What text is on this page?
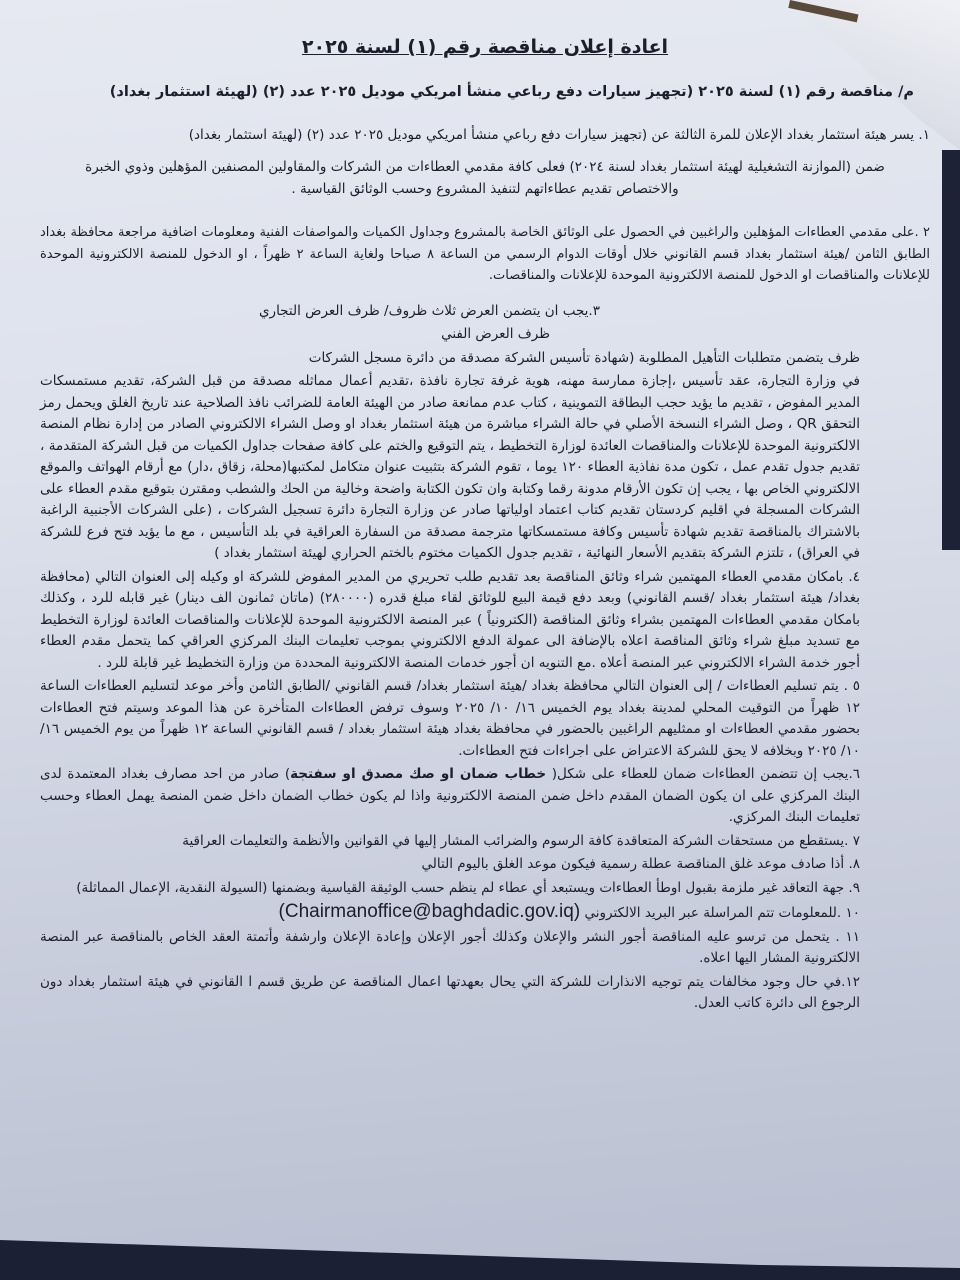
اعادة إعلان مناقصة رقم (١) لسنة ٢٠٢٥
م/ مناقصة رقم (١) لسنة ٢٠٢٥ (تجهيز سيارات دفع رباعي منشأ امريكي موديل ٢٠٢٥ عدد (٢) (لهيئة استثمار بغداد)
١. يسر هيئة استثمار بغداد الإعلان للمرة الثالثة عن (تجهيز سيارات دفع رباعي منشأ امريكي موديل ٢٠٢٥ عدد (٢) (لهيئة استثمار بغداد)
ضمن (الموازنة التشغيلية لهيئة استثمار بغداد لسنة ٢٠٢٤) فعلى كافة مقدمي العطاءات من الشركات والمقاولين المصنفين المؤهلين وذوي الخبرة والاختصاص تقديم عطاءاتهم لتنفيذ المشروع وحسب الوثائق القياسية .
٢ .على مقدمي العطاءات المؤهلين والراغبين في الحصول على الوثائق الخاصة بالمشروع وجداول الكميات والمواصفات الفنية ومعلومات اضافية مراجعة محافظة بغداد الطابق الثامن /هيئة استثمار بغداد قسم القانوني خلال أوقات الدوام الرسمي من الساعة ٨ صباحا ولغاية الساعة ٢ ظهراً ، او الدخول للمنصة الالكترونية الموحدة للإعلانات والمناقصات او الدخول للمنصة الالكترونية الموحدة للإعلانات والمناقصات.
٣.يجب ان يتضمن العرض ثلاث ظروف/ ظرف العرض التجاري
ظرف العرض الفني
ظرف يتضمن متطلبات التأهيل المطلوبة (شهادة تأسيس الشركة مصدقة من دائرة مسجل الشركات
في وزارة التجارة، عقد تأسيس ،إجازة ممارسة مهنه، هوية غرفة تجارة نافذة ،تقديم أعمال مماثله مصدقة من قبل الشركة، تقديم مستمسكات المدير المفوض ، تقديم ما يؤيد حجب البطاقة التموينية ، كتاب عدم ممانعة صادر من الهيئة العامة للضرائب نافذ الصلاحية عند تاريخ الغلق ويحمل رمز التحقق QR ، وصل الشراء النسخة الأصلي في حالة الشراء مباشرة من هيئة استثمار بغداد او وصل الشراء الالكتروني الصادر من إدارة نظام المنصة الالكترونية الموحدة للإعلانات والمناقصات العائدة لوزارة التخطيط ، يتم التوقيع والختم على كافة صفحات جداول الكميات من قبل الشركة المتقدمة ، تقديم جدول تقدم عمل ، تكون مدة نفاذية العطاء ١٢٠ يوما ، تقوم الشركة بتثبيت عنوان متكامل لمكتبها(محلة، زقاق ،دار) مع أرقام الهواتف والموقع الالكتروني الخاص بها ، يجب إن تكون الأرقام مدونة رقما وكتابة وان تكون الكتابة واضحة وخالية من الحك والشطب ومقترن بتوقيع مقدم العطاء على الشركات المسجلة في اقليم كردستان تقديم كتاب اعتماد اولياتها صادر عن وزارة التجارة دائرة تسجيل الشركات ، (على الشركات الأجنبية الراغبة بالاشتراك بالمناقصة تقديم شهادة تأسيس وكافة مستمسكاتها مترجمة مصدقة من السفارة العراقية في بلد التأسيس ، مع ما يؤيد فتح فرع للشركة في العراق) ، تلتزم الشركة بتقديم الأسعار النهائية ، تقديم جدول الكميات مختوم بالختم الحراري لهيئة استثمار بغداد )
٤. بامكان مقدمي العطاء المهتمين شراء وثائق المناقصة بعد تقديم طلب تحريري من المدير المفوض للشركة او وكيله إلى العنوان التالي (محافظة بغداد/ هيئة استثمار بغداد /قسم القانوني) وبعد دفع قيمة البيع للوثائق لقاء مبلغ قدره (٢٨٠٠٠٠) (ماتان ثمانون الف دينار) غير قابله للرد ، وكذلك بامكان مقدمي العطاءات المهتمين بشراء وثائق المناقصة (الكترونياً ) عبر المنصة الالكترونية الموحدة للإعلانات والمناقصات العائدة لوزارة التخطيط مع تسديد مبلغ شراء وثائق المناقصة اعلاه بالإضافة الى عمولة الدفع الالكتروني بموجب تعليمات البنك المركزي العراقي كما يتحمل مقدم العطاء أجور خدمة الشراء الالكتروني عبر المنصة أعلاه .مع التنويه ان أجور خدمات المنصة الالكترونية المحددة من وزارة التخطيط غير قابلة للرد .
٥ . يتم تسليم العطاءات / إلى العنوان التالي محافظة بغداد /هيئة استثمار بغداد/ قسم القانوني /الطابق الثامن وأخر موعد لتسليم العطاءات الساعة ١٢ ظهراً من التوقيت المحلي لمدينة بغداد يوم الخميس ١٦/ ١٠/ ٢٠٢٥ وسوف ترفض العطاءات المتأخرة عن هذا الموعد وسيتم فتح العطاءات بحضور مقدمي العطاءات او ممثليهم الراغبين بالحضور في محافظة بغداد هيئة استثمار بغداد / قسم القانوني الساعة ١٢ ظهراً من يوم الخميس ١٦/ ١٠/ ٢٠٢٥ وبخلافه لا يحق للشركة الاعتراض على اجراءات فتح العطاءات.
٦.يجب إن تتضمن العطاءات ضمان للعطاء على شكل( خطاب ضمان او صك مصدق او سفتجة) صادر من احد مصارف بغداد المعتمدة لدى البنك المركزي على ان يكون الضمان المقدم داخل ضمن المنصة الالكترونية واذا لم يكون خطاب الضمان داخل ضمن المنصة يهمل العطاء وحسب تعليمات البنك المركزي.
٧ .يستقطع من مستحقات الشركة المتعاقدة كافة الرسوم والضرائب المشار إليها في القوانين والأنظمة والتعليمات العراقية
٨. أذا صادف موعد غلق المناقصة عطلة رسمية فيكون موعد الغلق باليوم التالي
٩. جهة التعاقد غير ملزمة بقبول اوطأ العطاءات ويستبعد أي عطاء لم ينظم حسب الوثيقة القياسية وبضمنها (السيولة النقدية، الإعمال المماثلة)
١٠ .للمعلومات تتم المراسلة عبر البريد الالكتروني (Chairmanoffice@baghdadic.gov.iq)
١١ . يتحمل من ترسو عليه المناقصة أجور النشر والإعلان وكذلك أجور الإعلان وإعادة الإعلان وارشفة وأتمتة العقد الخاص بالمناقصة عبر المنصة الالكترونية المشار اليها اعلاه.
١٢.في حال وجود مخالفات يتم توجيه الانذارات للشركة التي يحال بعهدتها اعمال المناقصة عن طريق قسم ا القانوني في هيئة استثمار بغداد دون الرجوع الى دائرة كاتب العدل.
